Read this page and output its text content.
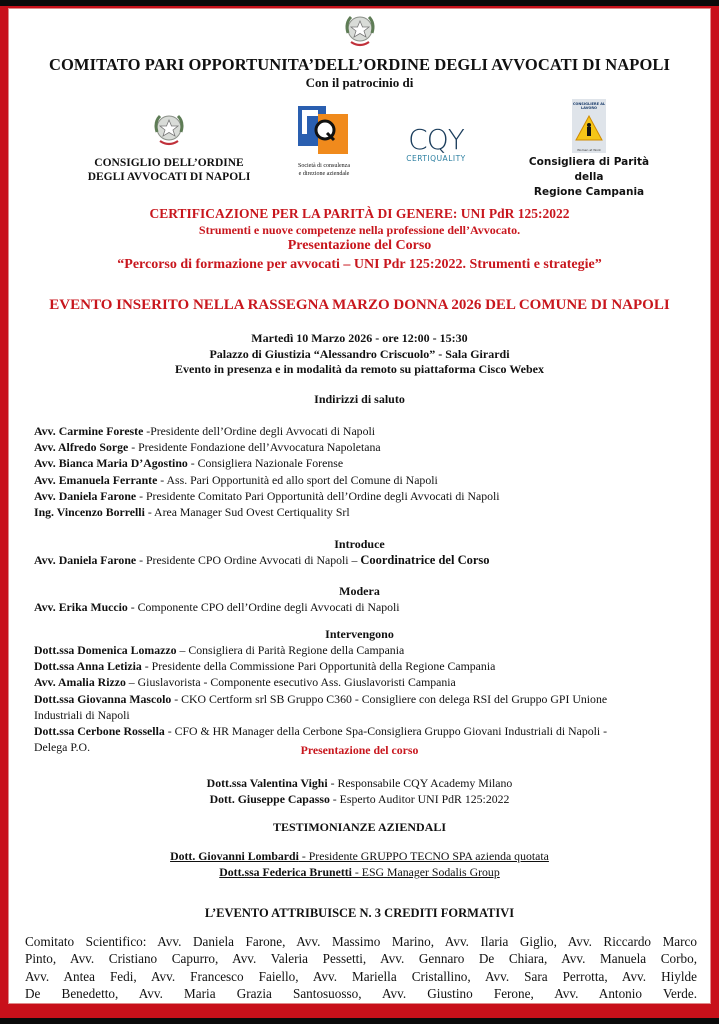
COMITATO PARI OPPORTUNITA’DELL’ORDINE DEGLI AVVOCATI DI NAPOLI
Con il patrocinio di
CONSIGLIO DELL’ORDINE
DEGLI AVVOCATI DI NAPOLI
Società di consulenza
e direzione aziendale
CQY
CERTIQUALITY
CONSIGLIERE AL LAVORO
Women at Work
Consigliera di Parità della
Regione Campania
CERTIFICAZIONE PER LA PARITÀ DI GENERE: UNI PdR 125:2022
Strumenti e nuove competenze nella professione dell’Avvocato.
Presentazione del Corso
“Percorso di formazione per avvocati – UNI Pdr 125:2022. Strumenti e strategie”
EVENTO INSERITO NELLA RASSEGNA MARZO DONNA 2026 DEL COMUNE DI NAPOLI
Martedì 10 Marzo 2026 - ore 12:00 - 15:30
Palazzo di Giustizia “Alessandro Criscuolo” - Sala Girardi
Evento in presenza e in modalità da remoto su piattaforma Cisco Webex
Indirizzi di saluto
Avv. Carmine Foreste -Presidente dell’Ordine degli Avvocati di Napoli
Avv. Alfredo Sorge - Presidente Fondazione dell’Avvocatura Napoletana
Avv. Bianca Maria D’Agostino - Consigliera Nazionale Forense
Avv. Emanuela Ferrante - Ass. Pari Opportunità ed allo sport del Comune di Napoli
Avv. Daniela Farone - Presidente Comitato Pari Opportunità dell’Ordine degli Avvocati di Napoli
Ing. Vincenzo Borrelli - Area Manager Sud Ovest Certiquality Srl
Introduce
Avv. Daniela Farone - Presidente CPO Ordine Avvocati di Napoli – Coordinatrice del Corso
Modera
Avv. Erika Muccio - Componente CPO dell’Ordine degli Avvocati di Napoli
Intervengono
Dott.ssa Domenica Lomazzo – Consigliera di Parità Regione della Campania
Dott.ssa Anna Letizia - Presidente della Commissione Pari Opportunità della Regione Campania
Avv. Amalia Rizzo – Giuslavorista - Componente esecutivo Ass. Giuslavoristi Campania
Dott.ssa Giovanna Mascolo - CKO Certform srl SB Gruppo C360 - Consigliere con delega RSI del Gruppo GPI Unione
Industriali di Napoli
Dott.ssa Cerbone Rossella - CFO & HR Manager della Cerbone Spa-Consigliera Gruppo Giovani Industriali di Napoli -
Delega P.O.	Presentazione del corso
Dott.ssa Valentina Vighi - Responsabile CQY Academy Milano
Dott. Giuseppe Capasso - Esperto Auditor UNI PdR 125:2022
TESTIMONIANZE AZIENDALI
Dott. Giovanni Lombardi - Presidente GRUPPO TECNO SPA azienda quotata
Dott.ssa Federica Brunetti - ESG Manager Sodalis Group
L’EVENTO ATTRIBUISCE N. 3 CREDITI FORMATIVI
Comitato Scientifico: Avv. Daniela Farone, Avv. Massimo Marino, Avv. Ilaria Giglio, Avv. Riccardo Marco
Pinto, Avv. Cristiano Capurro, Avv. Valeria Pessetti, Avv. Gennaro De Chiara, Avv. Manuela Corbo,
Avv. Antea Fedi, Avv. Francesco Faiello, Avv. Mariella Cristallino, Avv. Sara Perrotta, Avv. Hiylde
De Benedetto, Avv. Maria Grazia Santosuosso, Avv. Giustino Ferone, Avv. Antonio Verde.
